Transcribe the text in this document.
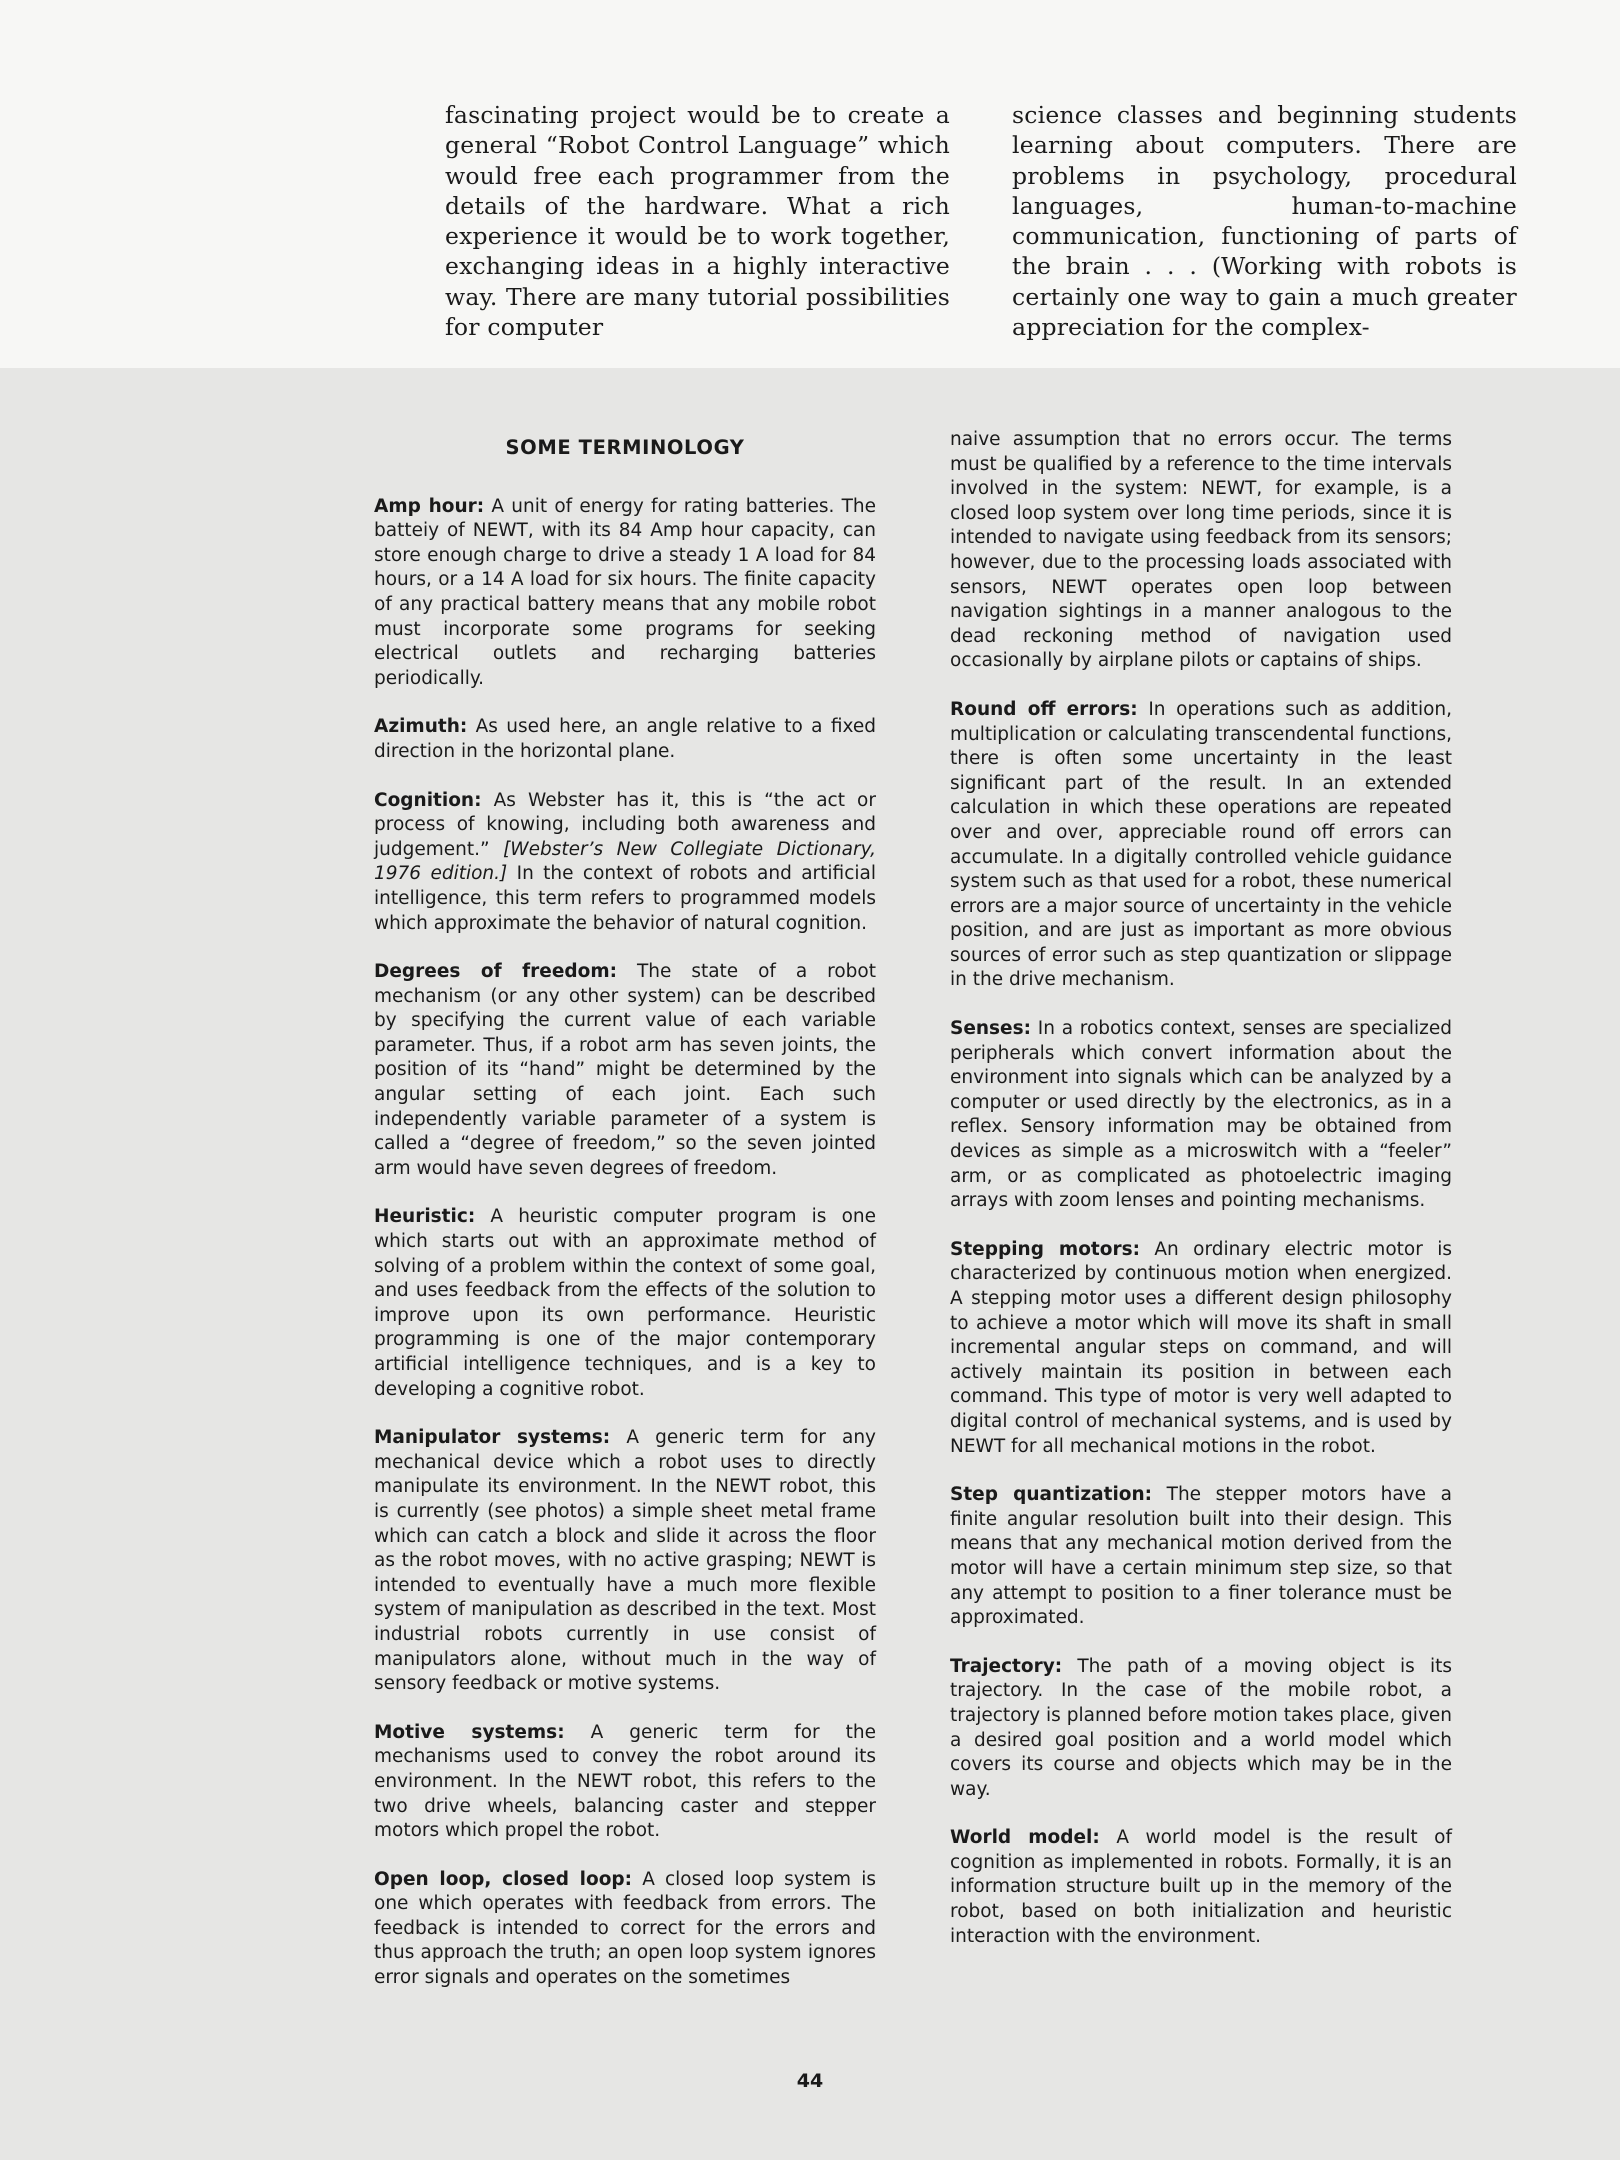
fascinating project would be to create a general “Robot Control Language” which would free each programmer from the details of the hardware. What a rich experience it would be to work together, exchanging ideas in a highly interactive way. There are many tutorial possibilities for computer

science classes and beginning students learning about computers. There are problems in psychology, procedural languages, human-to-machine communication, functioning of parts of the brain . . . (Working with robots is certainly one way to gain a much greater appreciation for the complex-

SOME TERMINOLOGY

Amp hour: A unit of energy for rating batteries. The batteiy of NEWT, with its 84 Amp hour capacity, can store enough charge to drive a steady 1 A load for 84 hours, or a 14 A load for six hours. The finite capacity of any practical battery means that any mobile robot must incorporate some programs for seeking electrical outlets and recharging batteries periodically.

Azimuth: As used here, an angle relative to a fixed direction in the horizontal plane.

Cognition: As Webster has it, this is “the act or process of knowing, including both awareness and judgement.” [Webster’s New Collegiate Dictionary, 1976 edition.] In the context of robots and artificial intelligence, this term refers to programmed models which approximate the behavior of natural cognition.

Degrees of freedom: The state of a robot mechanism (or any other system) can be described by specifying the current value of each variable parameter. Thus, if a robot arm has seven joints, the position of its “hand” might be determined by the angular setting of each joint. Each such independently variable parameter of a system is called a “degree of freedom,” so the seven jointed arm would have seven degrees of freedom.

Heuristic: A heuristic computer program is one which starts out with an approximate method of solving of a problem within the context of some goal, and uses feedback from the effects of the solution to improve upon its own performance. Heuristic programming is one of the major contemporary artificial intelligence techniques, and is a key to developing a cognitive robot.

Manipulator systems: A generic term for any mechanical device which a robot uses to directly manipulate its environment. In the NEWT robot, this is currently (see photos) a simple sheet metal frame which can catch a block and slide it across the floor as the robot moves, with no active grasping; NEWT is intended to eventually have a much more flexible system of manipulation as described in the text. Most industrial robots currently in use consist of manipulators alone, without much in the way of sensory feedback or motive systems.

Motive systems: A generic term for the mechanisms used to convey the robot around its environment. In the NEWT robot, this refers to the two drive wheels, balancing caster and stepper motors which propel the robot.

Open loop, closed loop: A closed loop system is one which operates with feedback from errors. The feedback is intended to correct for the errors and thus approach the truth; an open loop system ignores error signals and operates on the sometimes

naive assumption that no errors occur. The terms must be qualified by a reference to the time intervals involved in the system: NEWT, for example, is a closed loop system over long time periods, since it is intended to navigate using feedback from its sensors; however, due to the processing loads associated with sensors, NEWT operates open loop between navigation sightings in a manner analogous to the dead reckoning method of navigation used occasionally by airplane pilots or captains of ships.

Round off errors: In operations such as addition, multiplication or calculating transcendental functions, there is often some uncertainty in the least significant part of the result. In an extended calculation in which these operations are repeated over and over, appreciable round off errors can accumulate. In a digitally controlled vehicle guidance system such as that used for a robot, these numerical errors are a major source of uncertainty in the vehicle position, and are just as important as more obvious sources of error such as step quantization or slippage in the drive mechanism.

Senses: In a robotics context, senses are specialized peripherals which convert information about the environment into signals which can be analyzed by a computer or used directly by the electronics, as in a reflex. Sensory information may be obtained from devices as simple as a microswitch with a “feeler” arm, or as complicated as photoelectric imaging arrays with zoom lenses and pointing mechanisms.

Stepping motors: An ordinary electric motor is characterized by continuous motion when energized. A stepping motor uses a different design philosophy to achieve a motor which will move its shaft in small incremental angular steps on command, and will actively maintain its position in between each command. This type of motor is very well adapted to digital control of mechanical systems, and is used by NEWT for all mechanical motions in the robot.

Step quantization: The stepper motors have a finite angular resolution built into their design. This means that any mechanical motion derived from the motor will have a certain minimum step size, so that any attempt to position to a finer tolerance must be approximated.

Trajectory: The path of a moving object is its trajectory. In the case of the mobile robot, a trajectory is planned before motion takes place, given a desired goal position and a world model which covers its course and objects which may be in the way.

World model: A world model is the result of cognition as implemented in robots. Formally, it is an information structure built up in the memory of the robot, based on both initialization and heuristic interaction with the environment.

44
